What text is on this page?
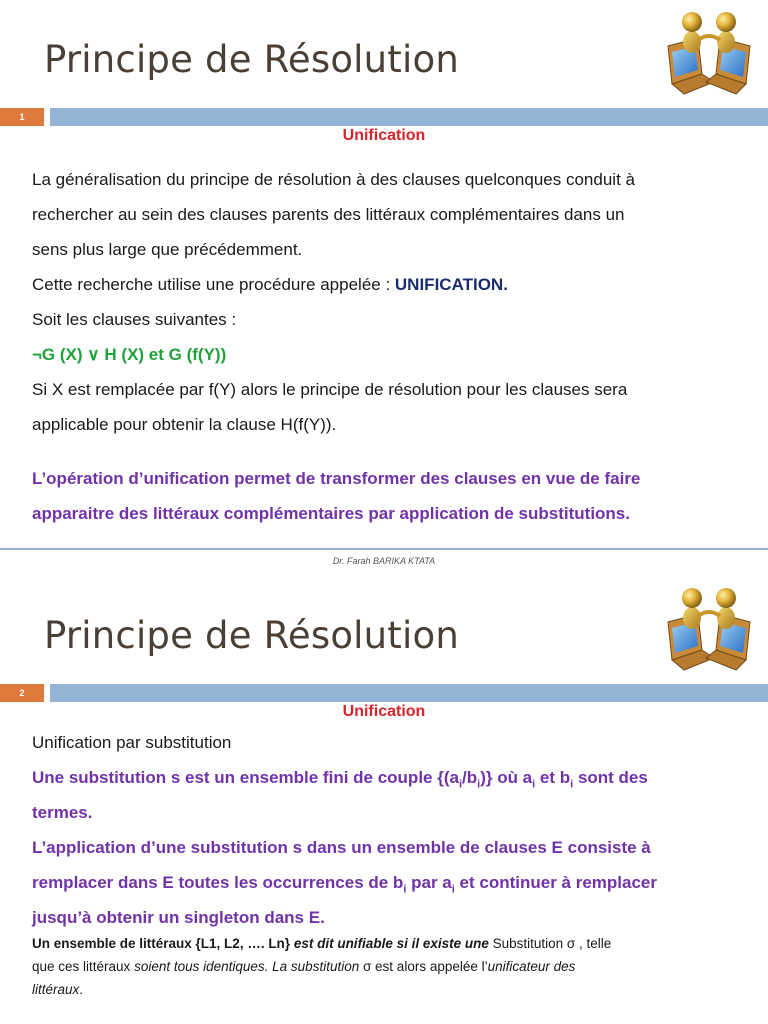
Principe de Résolution
1
Unification
La généralisation du principe de résolution à des clauses quelconques conduit à
rechercher au sein des clauses parents des littéraux complémentaires dans un
sens plus large que précédemment.
Cette recherche utilise une procédure appelée : UNIFICATION.
Soit les clauses suivantes :
¬G (X) ∨ H (X) et G (f(Y))
Si X est remplacée par f(Y) alors le principe de résolution pour les clauses sera
applicable pour obtenir la clause H(f(Y)).
L’opération d’unification permet de transformer des clauses en vue de faire
apparaitre des littéraux complémentaires par application de substitutions.
Dr. Farah BARIKA KTATA
Principe de Résolution
2
Unification
Unification par substitution
Une substitution s est un ensemble fini de couple $\{(a_i/b_i)\}$ où $a_i$ et $b_i$ sont des
termes.
L’application d’une substitution s dans un ensemble de clauses E consiste à
remplacer dans E toutes les occurrences de $b_i$ par $a_i$ et continuer à remplacer
jusqu’à obtenir un singleton dans E.
Un ensemble de littéraux {L1, L2, …. Ln} est dit unifiable si il existe une Substitution σ , telle
que ces littéraux soient tous identiques. La substitution σ est alors appelée l’unificateur des
littéraux.
